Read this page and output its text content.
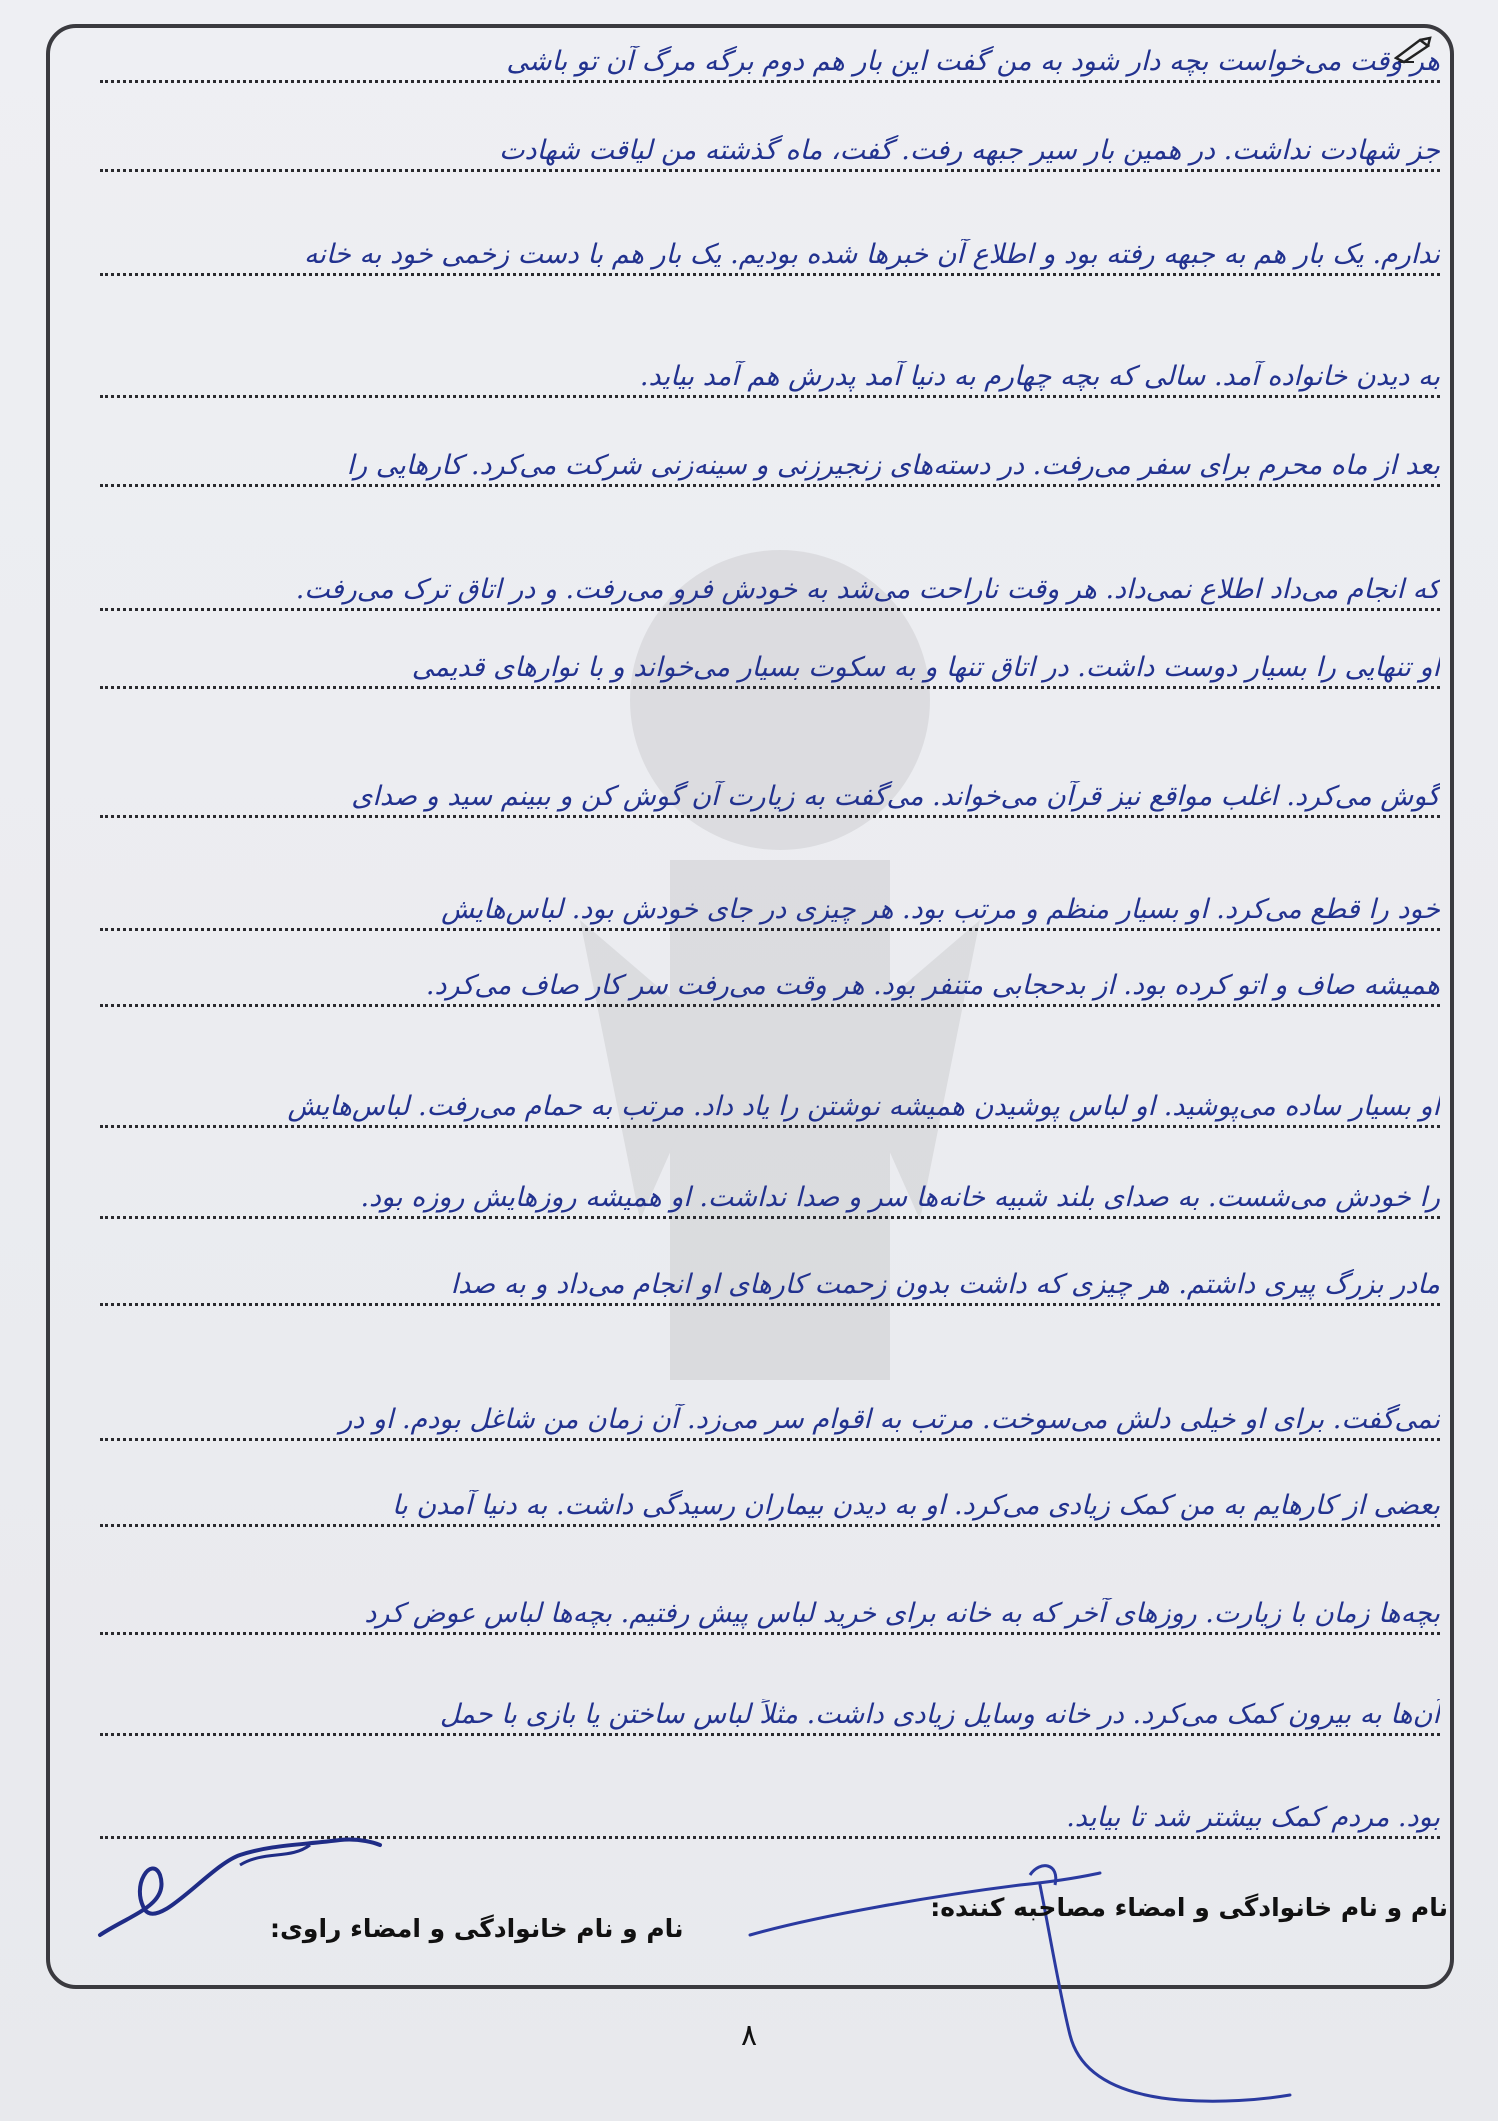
هر وقت می‌خواست بچه دار شود به من گفت این بار هم دوم برگه مرگ آن تو باشی
جز شهادت نداشت. در همین بار سیر جبهه رفت. گفت، ماه گذشته من لیاقت شهادت
ندارم. یک بار هم به جبهه رفته بود و اطلاع آن خبرها شده بودیم. یک بار هم با دست زخمی خود به خانه
به دیدن خانواده آمد. سالی که بچه چهارم به دنیا آمد پدرش هم آمد بیاید.
بعد از ماه محرم برای سفر می‌رفت. در دسته‌های زنجیرزنی و سینه‌زنی شرکت می‌کرد. کارهایی را
که انجام می‌داد اطلاع نمی‌داد. هر وقت ناراحت می‌شد به خودش فرو می‌رفت. و در اتاق ترک می‌رفت.
او تنهایی را بسیار دوست داشت. در اتاق تنها و به سکوت بسیار می‌خواند و با نوارهای قدیمی
گوش می‌کرد. اغلب مواقع نیز قرآن می‌خواند. می‌گفت به زیارت آن گوش کن و ببینم سید و صدای
خود را قطع می‌کرد. او بسیار منظم و مرتب بود. هر چیزی در جای خودش بود. لباس‌هایش
همیشه صاف و اتو کرده بود. از بدحجابی متنفر بود. هر وقت می‌رفت سر کار صاف می‌کرد.
او بسیار ساده می‌پوشید. او لباس پوشیدن همیشه نوشتن را یاد داد. مرتب به حمام می‌رفت. لباس‌هایش
را خودش می‌شست. به صدای بلند شبیه خانه‌ها سر و صدا نداشت. او همیشه روزهایش روزه بود.
مادر بزرگ پیری داشتم. هر چیزی که داشت بدون زحمت کارهای او انجام می‌داد و به صدا
نمی‌گفت. برای او خیلی دلش می‌سوخت. مرتب به اقوام سر می‌زد. آن زمان من شاغل بودم. او در
بعضی از کارهایم به من کمک زیادی می‌کرد. او به دیدن بیماران رسیدگی داشت. به دنیا آمدن با
بچه‌ها زمان با زیارت. روزهای آخر که به خانه برای خرید لباس پیش رفتیم. بچه‌ها لباس عوض کرد
آن‌ها به بیرون کمک می‌کرد. در خانه وسایل زیادی داشت. مثلاً لباس ساختن یا بازی با حمل
بود. مردم کمک بیشتر شد تا بیاید.
نام و نام خانوادگی و امضاء مصاحبه کننده:
نام و نام خانوادگی و امضاء راوی:
۸
